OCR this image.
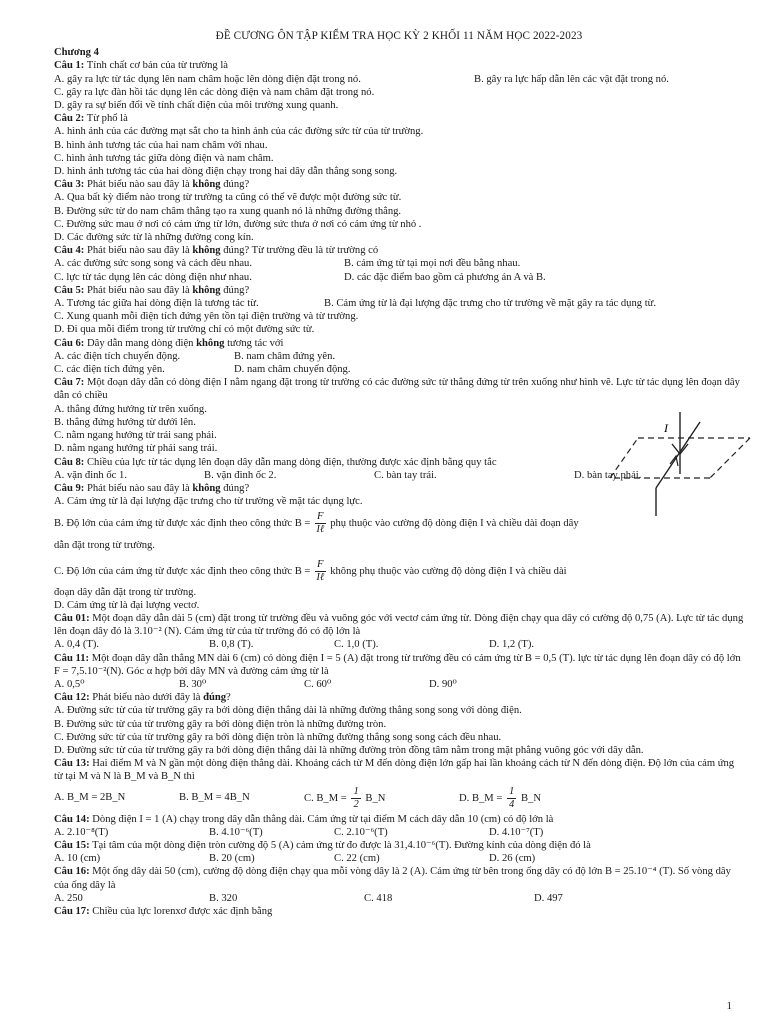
ĐỀ CƯƠNG ÔN TẬP KIỂM TRA HỌC KỲ 2 KHỐI 11 NĂM HỌC 2022-2023
Chương 4
Câu 1: Tính chất cơ bản của từ trường là
A. gây ra lực từ tác dụng lên nam châm hoặc lên dòng điện đặt trong nó.	B. gây ra lực hấp dẫn lên các vật đặt trong nó.
C. gây ra lực đàn hồi tác dụng lên các dòng điện và nam châm đặt trong nó.
D. gây ra sự biến đổi về tính chất điện của môi trường xung quanh.
Câu 2: Từ phổ là
A. hình ảnh của các đường mạt sắt cho ta hình ảnh của các đường sức từ của từ trường.
B. hình ảnh tương tác của hai nam châm với nhau.
C. hình ảnh tương tác giữa dòng điện và nam châm.
D. hình ảnh tương tác của hai dòng điện chạy trong hai dây dẫn thẳng song song.
Câu 3: Phát biểu nào sau đây là không đúng?
A. Qua bất kỳ điểm nào trong từ trường ta cũng có thể vẽ được một đường sức từ.
B. Đường sức từ do nam châm thẳng tạo ra xung quanh nó là những đường thẳng.
C. Đường sức mau ở nơi có cảm ứng từ lớn, đường sức thưa ở nơi có cảm ứng từ nhỏ .
D. Các đường sức từ là những đường cong kín.
Câu 4: Phát biểu nào sau đây là không đúng? Từ trường đều là từ trường có
A. các đường sức song song và cách đều nhau.	B. cảm ứng từ tại mọi nơi đều bằng nhau.
C. lực từ tác dụng lên các dòng điện như nhau.	D. các đặc điểm bao gồm cả phương án A và B.
Câu 5: Phát biểu nào sau đây là không đúng?
A. Tương tác giữa hai dòng điện là tương tác từ.	B. Cảm ứng từ là đại lượng đặc trưng cho từ trường về mặt gây ra tác dụng từ.
C. Xung quanh mỗi điện tích đứng yên tồn tại điện trường và từ trường.
D. Đi qua mỗi điểm trong từ trường chỉ có một đường sức từ.
Câu 6: Dây dẫn mang dòng điện không tương tác với
A. các điện tích chuyển động.	B. nam châm đứng yên.
C. các điện tích đứng yên.	D. nam châm chuyển động.
Câu 7: Một đoạn dây dẫn có dòng điện I nằm ngang đặt trong từ trường có các đường sức từ thẳng đứng từ trên xuống như hình vẽ. Lực từ tác dụng lên đoạn dây dẫn có chiều
A. thẳng đứng hướng từ trên xuống.
B. thẳng đứng hướng từ dưới lên.
C. nằm ngang hướng từ trái sang phải.
D. nằm ngang hướng từ phải sang trái.
Câu 8: Chiều của lực từ tác dụng lên đoạn dây dẫn mang dòng điện, thường được xác định bằng quy tắc
A. vặn đinh ốc 1.	B. vặn đinh ốc 2.	C. bàn tay trái.	D. bàn tay phải.
Câu 9: Phát biểu nào sau đây là không đúng?
A. Cảm ứng từ là đại lượng đặc trưng cho từ trường về mặt tác dụng lực.
B. Độ lớn của cảm ứng từ được xác định theo công thức $B = \frac{F}{\text{Iℓ}}$ phụ thuộc vào cường độ dòng điện I và chiều dài đoạn dây
dẫn đặt trong từ trường.
C. Độ lớn của cảm ứng từ được xác định theo công thức $B = \frac{F}{\text{Iℓ}}$ không phụ thuộc vào cường độ dòng điện I và chiều dài
đoạn dây dẫn đặt trong từ trường.
D. Cảm ứng từ là đại lượng vectơ.
Câu 01: Một đoạn dây dẫn dài 5 (cm) đặt trong từ trường đều và vuông góc với vectơ cảm ứng từ. Dòng điện chạy qua dây có cường độ 0,75 (A). Lực từ tác dụng lên đoạn dây đó là 3.10⁻² (N). Cảm ứng từ của từ trường đó có độ lớn là
A. 0,4 (T).	B. 0,8 (T).	C. 1,0 (T).	D. 1,2 (T).
Câu 11: Một đoạn dây dẫn thẳng MN dài 6 (cm) có dòng điện I = 5 (A) đặt trong từ trường đều có cảm ứng từ B = 0,5 (T). lực từ tác dụng lên đoạn dây có độ lớn F = 7,5.10⁻²(N). Góc α hợp bởi dây MN và đường cảm ứng từ là
A. 0,5⁰	B. 30⁰	C. 60⁰	D. 90⁰
Câu 12: Phát biểu nào dưới đây là đúng?
A. Đường sức từ của từ trường gây ra bởi dòng điện thẳng dài là những đường thẳng song song với dòng điện.
B. Đường sức từ của từ trường gây ra bởi dòng điện tròn là những đường tròn.
C. Đường sức từ của từ trường gây ra bởi dòng điện tròn là những đường thẳng song song cách đều nhau.
D. Đường sức từ của từ trường gây ra bởi dòng điện thẳng dài là những đường tròn đồng tâm nằm trong mặt phẳng vuông góc với dây dẫn.
Câu 13: Hai điểm M và N gần một dòng điện thẳng dài. Khoảng cách từ M đến dòng điện lớn gấp hai lần khoảng cách từ N đến dòng điện. Độ lớn của cảm ứng từ tại M và N là B_M và B_N thì
A. B_M = 2B_N	B. B_M = 4B_N	C. B_M = $\frac{1}{2}$ B_N	D. B_M = $\frac{1}{4}$ B_N
Câu 14: Dòng điện I = 1 (A) chạy trong dây dẫn thẳng dài. Cảm ứng từ tại điểm M cách dây dẫn 10 (cm) có độ lớn là
A. 2.10⁻⁸(T)	B. 4.10⁻⁶(T)	C. 2.10⁻⁶(T)	D. 4.10⁻⁷(T)
Câu 15: Tại tâm của một dòng điện tròn cường độ 5 (A) cảm ứng từ đo được là 31,4.10⁻⁶(T). Đường kính của dòng điện đó là
A. 10 (cm)	B. 20 (cm)	C. 22 (cm)	D. 26 (cm)
Câu 16: Một ống dây dài 50 (cm), cường độ dòng điện chạy qua mỗi vòng dây là 2 (A). Cảm ứng từ bên trong ống dây có độ lớn B = 25.10⁻⁴ (T). Số vòng dây của ống dây là
A. 250	B. 320	C. 418	D. 497
Câu 17: Chiều của lực lorenxơ được xác định bằng
I
1
